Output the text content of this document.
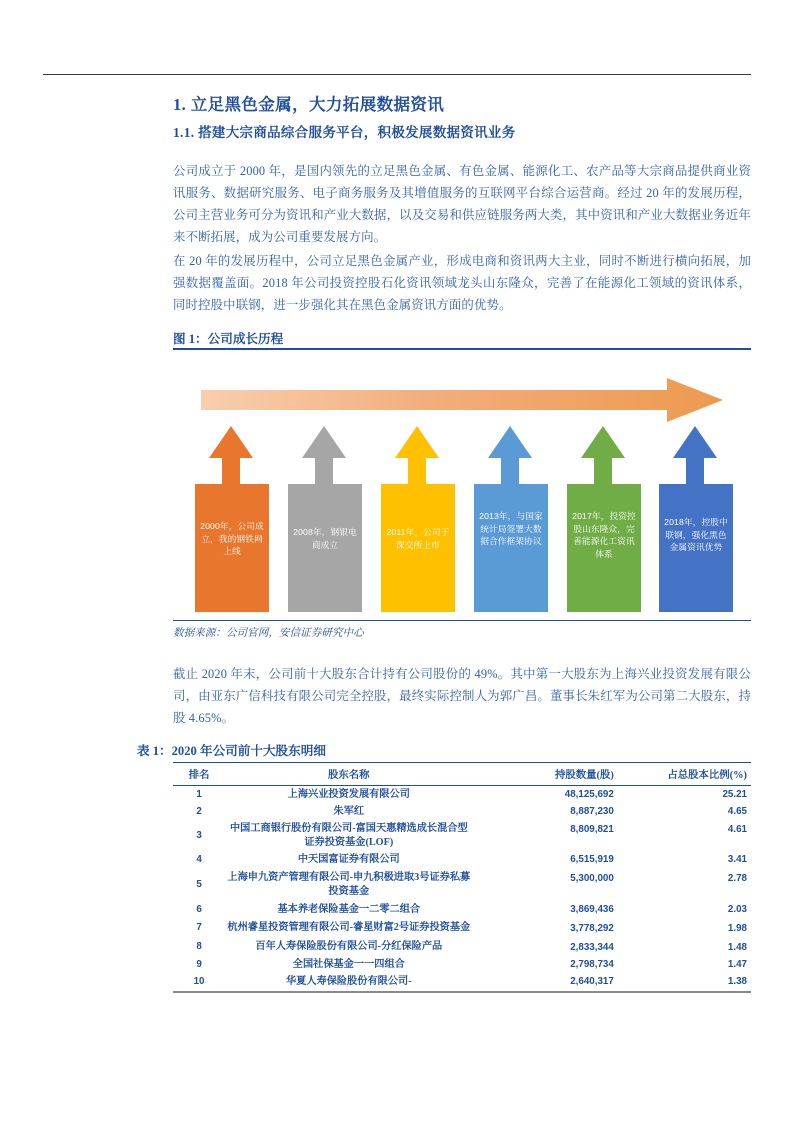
1. 立足黑色金属，大力拓展数据资讯
1.1. 搭建大宗商品综合服务平台，积极发展数据资讯业务

公司成立于 2000 年，是国内领先的立足黑色金属、有色金属、能源化工、农产品等大宗商品提供商业资讯服务、数据研究服务、电子商务服务及其增值服务的互联网平台综合运营商。经过 20 年的发展历程，公司主营业务可分为资讯和产业大数据，以及交易和供应链服务两大类，其中资讯和产业大数据业务近年来不断拓展，成为公司重要发展方向。

在 20 年的发展历程中，公司立足黑色金属产业，形成电商和资讯两大主业，同时不断进行横向拓展，加强数据覆盖面。2018 年公司投资控股石化资讯领域龙头山东隆众，完善了在能源化工领域的资讯体系，同时控股中联钢，进一步强化其在黑色金属资讯方面的优势。

图 1：公司成长历程
2000年，公司成立，我的钢铁网上线
2008年，钢银电商成立
2011年，公司于深交所上市
2013年，与国家统计局签署大数据合作框架协议
2017年，投资控股山东隆众，完善能源化工资讯体系
2018年，控股中联钢，强化黑色金属资讯优势
数据来源：公司官网，安信证券研究中心

截止 2020 年末，公司前十大股东合计持有公司股份的 49%。其中第一大股东为上海兴业投资发展有限公司，由亚东广信科技有限公司完全控股，最终实际控制人为郭广昌。董事长朱红军为公司第二大股东，持股 4.65%。

表 1：2020 年公司前十大股东明细
排名	股东名称	持股数量(股)	占总股本比例(%)
1	上海兴业投资发展有限公司	48,125,692	25.21
2	朱军红	8,887,230	4.65
3	中国工商银行股份有限公司-富国天惠精选成长混合型证券投资基金(LOF)	8,809,821	4.61
4	中天国富证券有限公司	6,515,919	3.41
5	上海申九资产管理有限公司-申九积极进取3号证券私募投资基金	5,300,000	2.78
6	基本养老保险基金一二零二组合	3,869,436	2.03
7	杭州睿星投资管理有限公司-睿星财富2号证券投资基金	3,778,292	1.98
8	百年人寿保险股份有限公司-分红保险产品	2,833,344	1.48
9	全国社保基金一一四组合	2,798,734	1.47
10	华夏人寿保险股份有限公司-	2,640,317	1.38
